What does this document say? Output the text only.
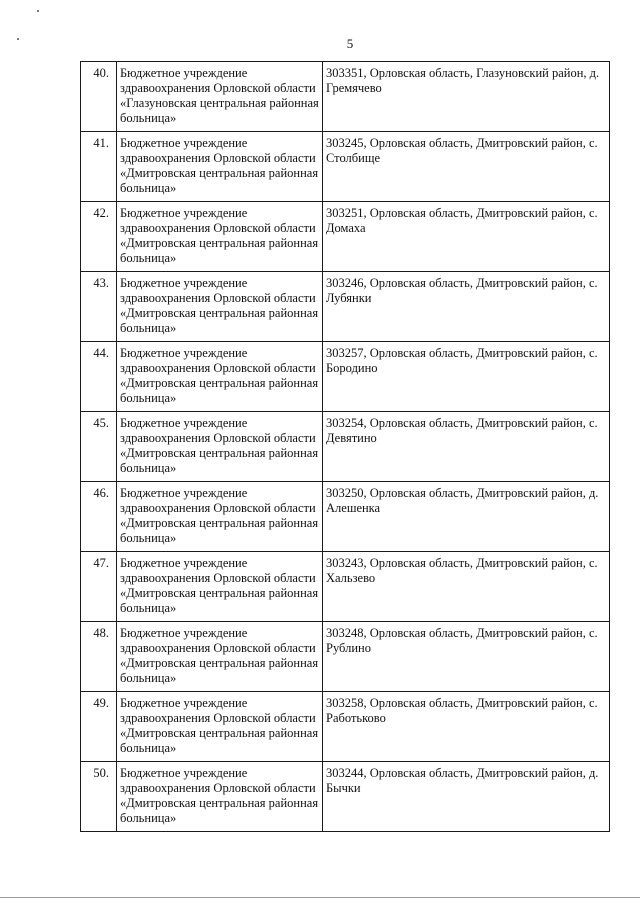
5
40.	Бюджетное учреждение здравоохранения Орловской области «Глазуновская центральная районная больница»	303351, Орловская область, Глазуновский район, д. Гремячево
41.	Бюджетное учреждение здравоохранения Орловской области «Дмитровская центральная районная больница»	303245, Орловская область, Дмитровский район, с. Столбище
42.	Бюджетное учреждение здравоохранения Орловской области «Дмитровская центральная районная больница»	303251, Орловская область, Дмитровский район, с. Домаха
43.	Бюджетное учреждение здравоохранения Орловской области «Дмитровская центральная районная больница»	303246, Орловская область, Дмитровский район, с. Лубянки
44.	Бюджетное учреждение здравоохранения Орловской области «Дмитровская центральная районная больница»	303257, Орловская область, Дмитровский район, с. Бородино
45.	Бюджетное учреждение здравоохранения Орловской области «Дмитровская центральная районная больница»	303254, Орловская область, Дмитровский район, с. Девятино
46.	Бюджетное учреждение здравоохранения Орловской области «Дмитровская центральная районная больница»	303250, Орловская область, Дмитровский район, д. Алешенка
47.	Бюджетное учреждение здравоохранения Орловской области «Дмитровская центральная районная больница»	303243, Орловская область, Дмитровский район, с. Хальзево
48.	Бюджетное учреждение здравоохранения Орловской области «Дмитровская центральная районная больница»	303248, Орловская область, Дмитровский район, с. Рублино
49.	Бюджетное учреждение здравоохранения Орловской области «Дмитровская центральная районная больница»	303258, Орловская область, Дмитровский район, с. Работьково
50.	Бюджетное учреждение здравоохранения Орловской области «Дмитровская центральная районная больница»	303244, Орловская область, Дмитровский район, д. Бычки
